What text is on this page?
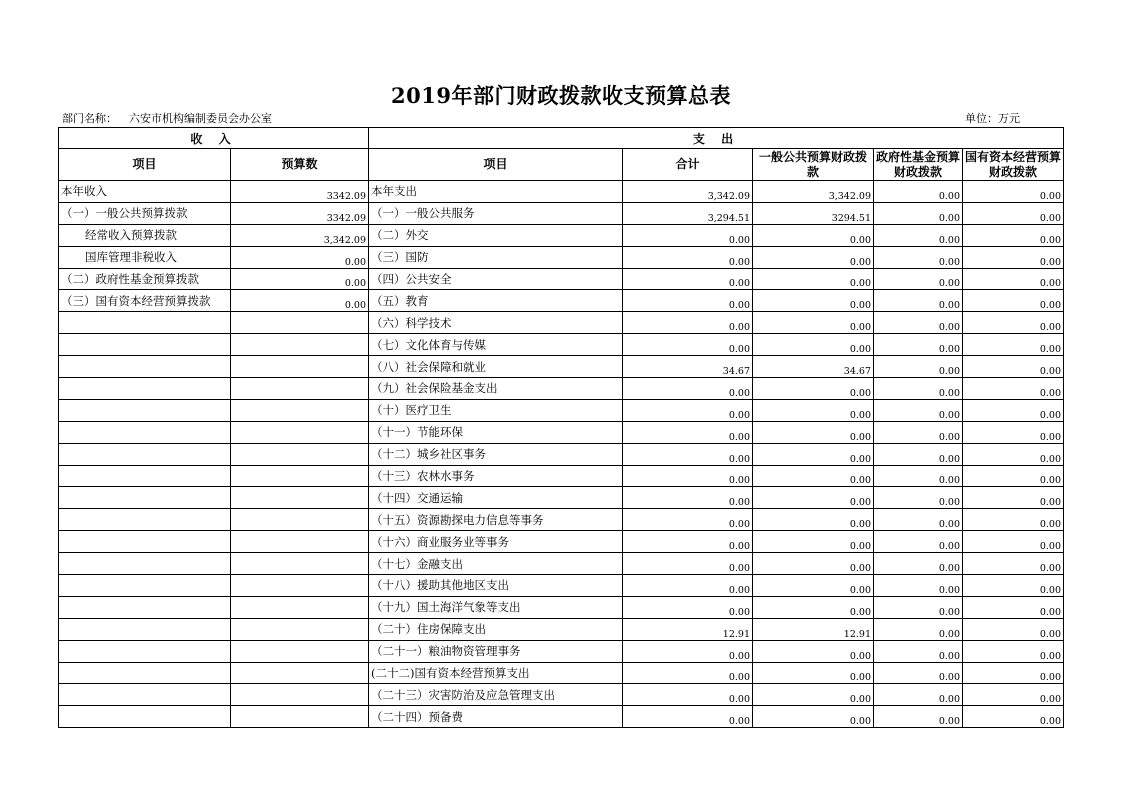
2019年部门财政拨款收支预算总表
部门名称： 六安市机构编制委员会办公室	单位：万元
收 入		支 出				
项目	预算数	项目	合计	一般公共预算财政拨款	政府性基金预算财政拨款	国有资本经营预算财政拨款
本年收入	3342.09	本年支出	3,342.09	3,342.09	0.00	0.00
（一）一般公共预算拨款	3342.09	（一）一般公共服务	3,294.51	3294.51	0.00	0.00
经常收入预算拨款	3,342.09	（二）外交	0.00	0.00	0.00	0.00
国库管理非税收入	0.00	（三）国防	0.00	0.00	0.00	0.00
（二）政府性基金预算拨款	0.00	（四）公共安全	0.00	0.00	0.00	0.00
（三）国有资本经营预算拨款	0.00	（五）教育	0.00	0.00	0.00	0.00
		（六）科学技术	0.00	0.00	0.00	0.00
		（七）文化体育与传媒	0.00	0.00	0.00	0.00
		（八）社会保障和就业	34.67	34.67	0.00	0.00
		（九）社会保险基金支出	0.00	0.00	0.00	0.00
		（十）医疗卫生	0.00	0.00	0.00	0.00
		（十一）节能环保	0.00	0.00	0.00	0.00
		（十二）城乡社区事务	0.00	0.00	0.00	0.00
		（十三）农林水事务	0.00	0.00	0.00	0.00
		（十四）交通运输	0.00	0.00	0.00	0.00
		（十五）资源勘探电力信息等事务	0.00	0.00	0.00	0.00
		（十六）商业服务业等事务	0.00	0.00	0.00	0.00
		（十七）金融支出	0.00	0.00	0.00	0.00
		（十八）援助其他地区支出	0.00	0.00	0.00	0.00
		（十九）国土海洋气象等支出	0.00	0.00	0.00	0.00
		（二十）住房保障支出	12.91	12.91	0.00	0.00
		（二十一）粮油物资管理事务	0.00	0.00	0.00	0.00
		(二十二)国有资本经营预算支出	0.00	0.00	0.00	0.00
		（二十三）灾害防治及应急管理支出	0.00	0.00	0.00	0.00
		（二十四）预备费	0.00	0.00	0.00	0.00
